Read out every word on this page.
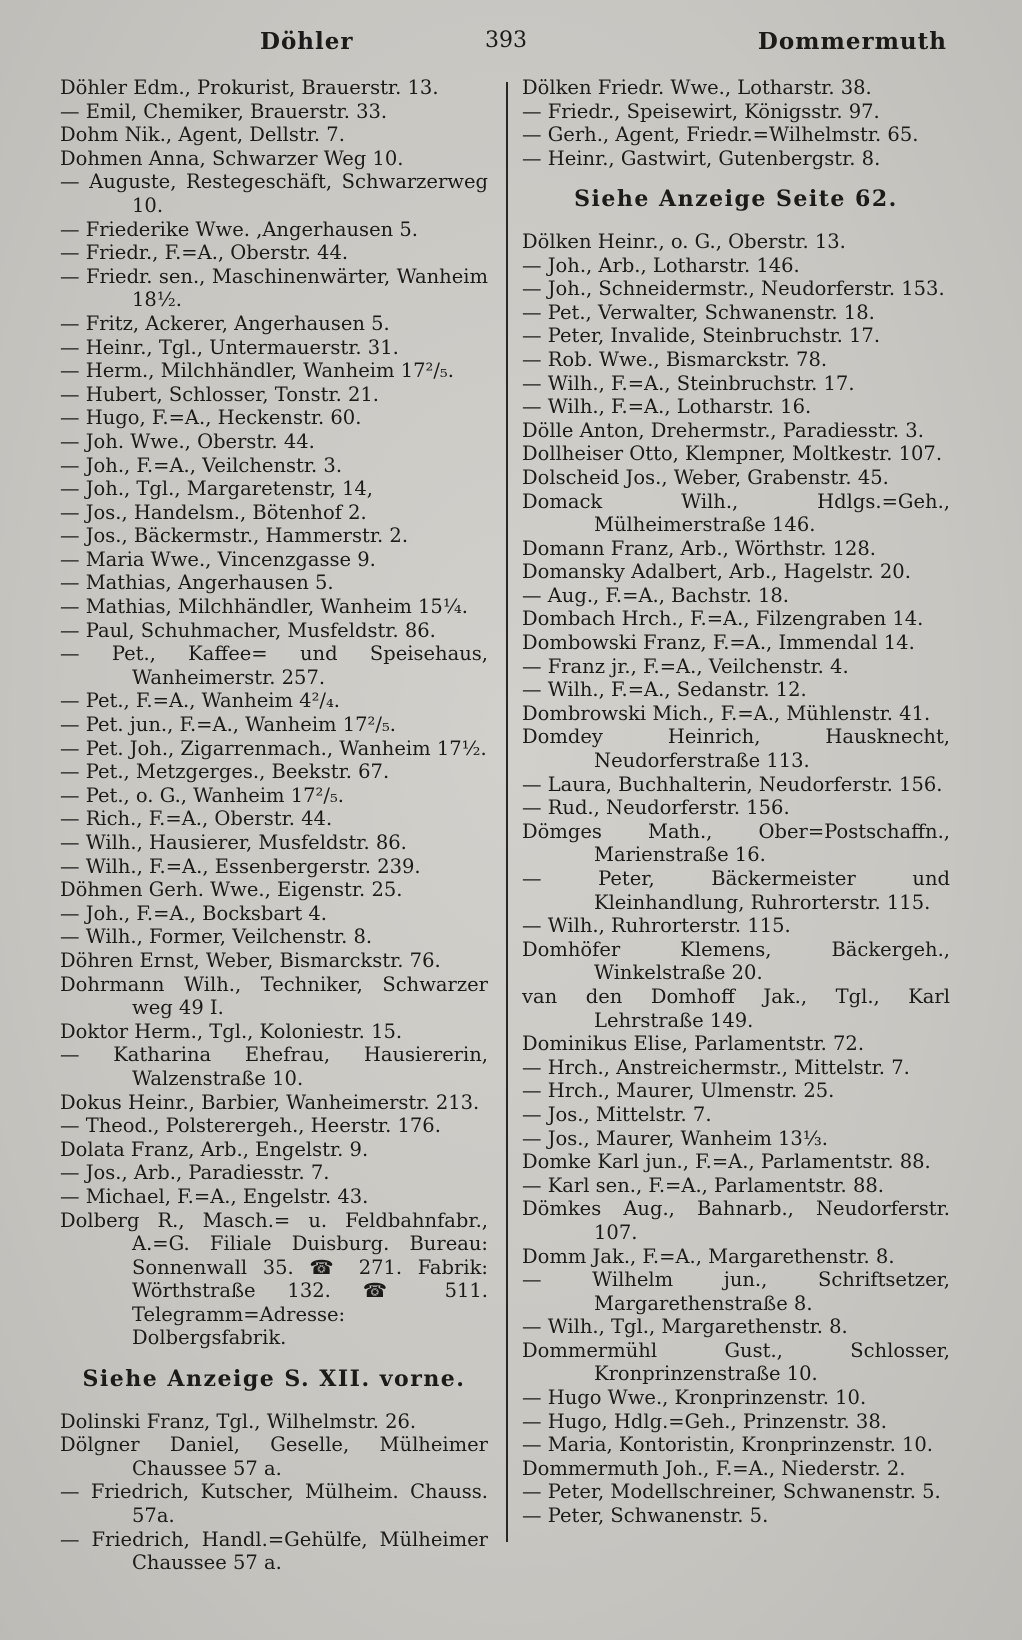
Döhler	393	Dommermuth
Döhler Edm., Prokurist, Brauerstr. 13.
— Emil, Chemiker, Brauerstr. 33.
Dohm Nik., Agent, Dellstr. 7.
Dohmen Anna, Schwarzer Weg 10.
— Auguste, Restegeschäft, Schwarzerweg 10.
— Friederike Wwe. ,Angerhausen 5.
— Friedr., F.=A., Oberstr. 44.
— Friedr. sen., Maschinenwärter, Wanheim 18½.
— Fritz, Ackerer, Angerhausen 5.
— Heinr., Tgl., Untermauerstr. 31.
— Herm., Milchhändler, Wanheim 17²/₅.
— Hubert, Schlosser, Tonstr. 21.
— Hugo, F.=A., Heckenstr. 60.
— Joh. Wwe., Oberstr. 44.
— Joh., F.=A., Veilchenstr. 3.
— Joh., Tgl., Margaretenstr, 14,
— Jos., Handelsm., Bötenhof 2.
— Jos., Bäckermstr., Hammerstr. 2.
— Maria Wwe., Vincenzgasse 9.
— Mathias, Angerhausen 5.
— Mathias, Milchhändler, Wanheim 15¼.
— Paul, Schuhmacher, Musfeldstr. 86.
— Pet., Kaffee= und Speisehaus, Wanheimerstr. 257.
— Pet., F.=A., Wanheim 4²/₄.
— Pet. jun., F.=A., Wanheim 17²/₅.
— Pet. Joh., Zigarrenmach., Wanheim 17½.
— Pet., Metzgerges., Beekstr. 67.
— Pet., o. G., Wanheim 17²/₅.
— Rich., F.=A., Oberstr. 44.
— Wilh., Hausierer, Musfeldstr. 86.
— Wilh., F.=A., Essenbergerstr. 239.
Döhmen Gerh. Wwe., Eigenstr. 25.
— Joh., F.=A., Bocksbart 4.
— Wilh., Former, Veilchenstr. 8.
Döhren Ernst, Weber, Bismarckstr. 76.
Dohrmann Wilh., Techniker, Schwarzer weg 49 I.
Doktor Herm., Tgl., Koloniestr. 15.
— Katharina Ehefrau, Hausiererin, Walzenstraße 10.
Dokus Heinr., Barbier, Wanheimerstr. 213.
— Theod., Polsterergeh., Heerstr. 176.
Dolata Franz, Arb., Engelstr. 9.
— Jos., Arb., Paradiesstr. 7.
— Michael, F.=A., Engelstr. 43.
Dolberg R., Masch.= u. Feldbahnfabr., A.=G. Filiale Duisburg. Bureau: Sonnenwall 35. ☎ 271. Fabrik: Wörthstraße 132. ☎ 511. Telegramm=Adresse: Dolbergsfabrik.
Siehe Anzeige S. XII. vorne.
Dolinski Franz, Tgl., Wilhelmstr. 26.
Dölgner Daniel, Geselle, Mülheimer Chaussee 57 a.
— Friedrich, Kutscher, Mülheim. Chauss. 57a.
— Friedrich, Handl.=Gehülfe, Mülheimer Chaussee 57 a.
Dölken Friedr. Wwe., Lotharstr. 38.
— Friedr., Speisewirt, Königsstr. 97.
— Gerh., Agent, Friedr.=Wilhelmstr. 65.
— Heinr., Gastwirt, Gutenbergstr. 8.
Siehe Anzeige Seite 62.
Dölken Heinr., o. G., Oberstr. 13.
— Joh., Arb., Lotharstr. 146.
— Joh., Schneidermstr., Neudorferstr. 153.
— Pet., Verwalter, Schwanenstr. 18.
— Peter, Invalide, Steinbruchstr. 17.
— Rob. Wwe., Bismarckstr. 78.
— Wilh., F.=A., Steinbruchstr. 17.
— Wilh., F.=A., Lotharstr. 16.
Dölle Anton, Drehermstr., Paradiesstr. 3.
Dollheiser Otto, Klempner, Moltkestr. 107.
Dolscheid Jos., Weber, Grabenstr. 45.
Domack Wilh., Hdlgs.=Geh., Mülheimerstraße 146.
Domann Franz, Arb., Wörthstr. 128.
Domansky Adalbert, Arb., Hagelstr. 20.
— Aug., F.=A., Bachstr. 18.
Dombach Hrch., F.=A., Filzengraben 14.
Dombowski Franz, F.=A., Immendal 14.
— Franz jr., F.=A., Veilchenstr. 4.
— Wilh., F.=A., Sedanstr. 12.
Dombrowski Mich., F.=A., Mühlenstr. 41.
Domdey Heinrich, Hausknecht, Neudorferstraße 113.
— Laura, Buchhalterin, Neudorferstr. 156.
— Rud., Neudorferstr. 156.
Dömges Math., Ober=Postschaffn., Marienstraße 16.
— Peter, Bäckermeister und Kleinhandlung, Ruhrorterstr. 115.
— Wilh., Ruhrorterstr. 115.
Domhöfer Klemens, Bäckergeh., Winkelstraße 20.
van den Domhoff Jak., Tgl., Karl Lehrstraße 149.
Dominikus Elise, Parlamentstr. 72.
— Hrch., Anstreichermstr., Mittelstr. 7.
— Hrch., Maurer, Ulmenstr. 25.
— Jos., Mittelstr. 7.
— Jos., Maurer, Wanheim 13⅓.
Domke Karl jun., F.=A., Parlamentstr. 88.
— Karl sen., F.=A., Parlamentstr. 88.
Dömkes Aug., Bahnarb., Neudorferstr. 107.
Domm Jak., F.=A., Margarethenstr. 8.
— Wilhelm jun., Schriftsetzer, Margarethenstraße 8.
— Wilh., Tgl., Margarethenstr. 8.
Dommermühl Gust., Schlosser, Kronprinzenstraße 10.
— Hugo Wwe., Kronprinzenstr. 10.
— Hugo, Hdlg.=Geh., Prinzenstr. 38.
— Maria, Kontoristin, Kronprinzenstr. 10.
Dommermuth Joh., F.=A., Niederstr. 2.
— Peter, Modellschreiner, Schwanenstr. 5.
— Peter, Schwanenstr. 5.
